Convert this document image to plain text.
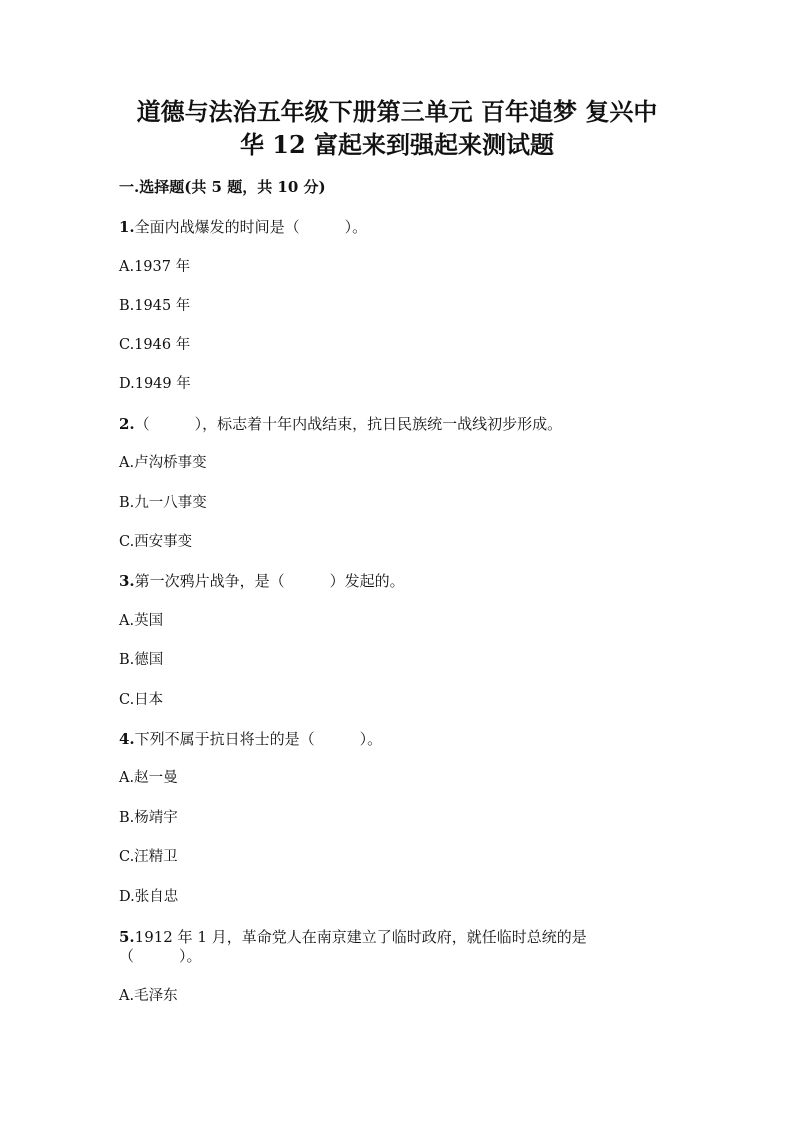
道德与法治五年级下册第三单元 百年追梦 复兴中
华 12 富起来到强起来测试题
一.选择题(共 5 题，共 10 分)
1.全面内战爆发的时间是（　　　）。
A.1937 年
B.1945 年
C.1946 年
D.1949 年
2.（　　　），标志着十年内战结束，抗日民族统一战线初步形成。
A.卢沟桥事变
B.九一八事变
C.西安事变
3.第一次鸦片战争，是（　　　）发起的。
A.英国
B.德国
C.日本
4.下列不属于抗日将士的是（　　　）。
A.赵一曼
B.杨靖宇
C.汪精卫
D.张自忠
5.1912 年 1 月，革命党人在南京建立了临时政府，就任临时总统的是
（　　　）。
A.毛泽东
